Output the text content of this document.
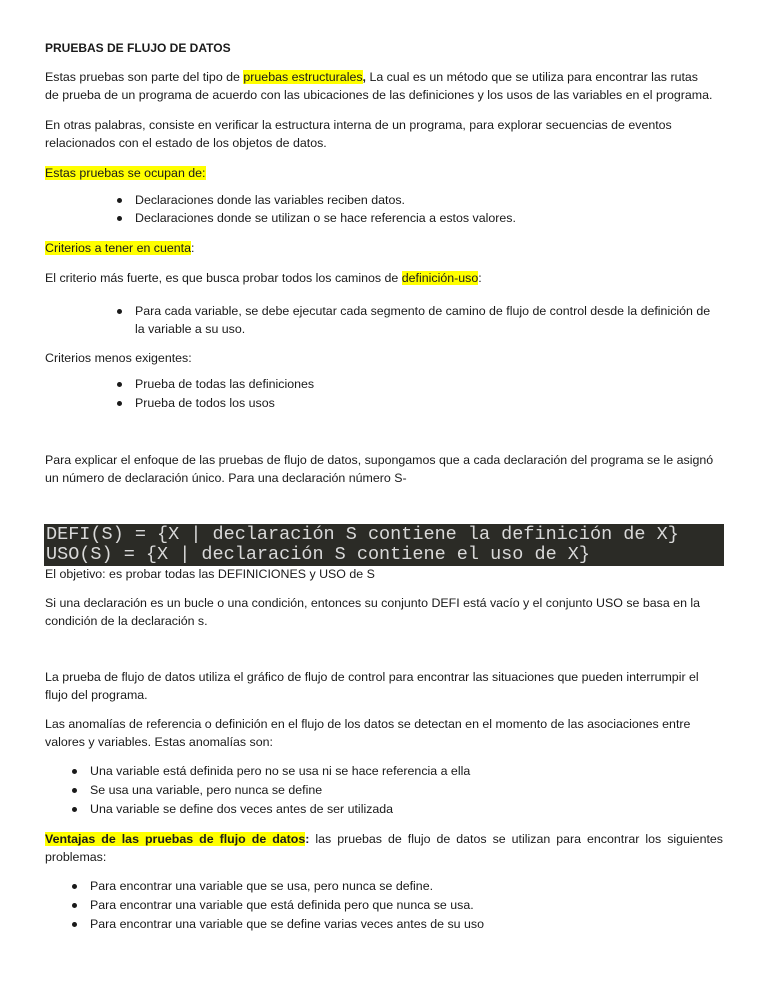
PRUEBAS DE FLUJO DE DATOS
Estas pruebas son parte del tipo de pruebas estructurales, La cual es un método que se utiliza para encontrar las rutas
de prueba de un programa de acuerdo con las ubicaciones de las definiciones y los usos de las variables en el programa.
En otras palabras, consiste en verificar la estructura interna de un programa, para explorar secuencias de eventos
relacionados con el estado de los objetos de datos.
Estas pruebas se ocupan de:
Declaraciones donde las variables reciben datos.
Declaraciones donde se utilizan o se hace referencia a estos valores.
Criterios a tener en cuenta:
El criterio más fuerte, es que busca probar todos los caminos de definición-uso:
Para cada variable, se debe ejecutar cada segmento de camino de flujo de control desde la definición de
la variable a su uso.
Criterios menos exigentes:
Prueba de todas las definiciones
Prueba de todos los usos
Para explicar el enfoque de las pruebas de flujo de datos, supongamos que a cada declaración del programa se le asignó
un número de declaración único. Para una declaración número S-
DEFI(S) = {X | declaración S contiene la definición de X}
USO(S) = {X | declaración S contiene el uso de X}
El objetivo: es probar todas las DEFINICIONES y USO de S
Si una declaración es un bucle o una condición, entonces su conjunto DEFI está vacío y el conjunto USO se basa en la
condición de la declaración s.
La prueba de flujo de datos utiliza el gráfico de flujo de control para encontrar las situaciones que pueden interrumpir el
flujo del programa.
Las anomalías de referencia o definición en el flujo de los datos se detectan en el momento de las asociaciones entre
valores y variables. Estas anomalías son:
Una variable está definida pero no se usa ni se hace referencia a ella
Se usa una variable, pero nunca se define
Una variable se define dos veces antes de ser utilizada
Ventajas de las pruebas de flujo de datos: las pruebas de flujo de datos se utilizan para encontrar los siguientes
problemas:
Para encontrar una variable que se usa, pero nunca se define.
Para encontrar una variable que está definida pero que nunca se usa.
Para encontrar una variable que se define varias veces antes de su uso
